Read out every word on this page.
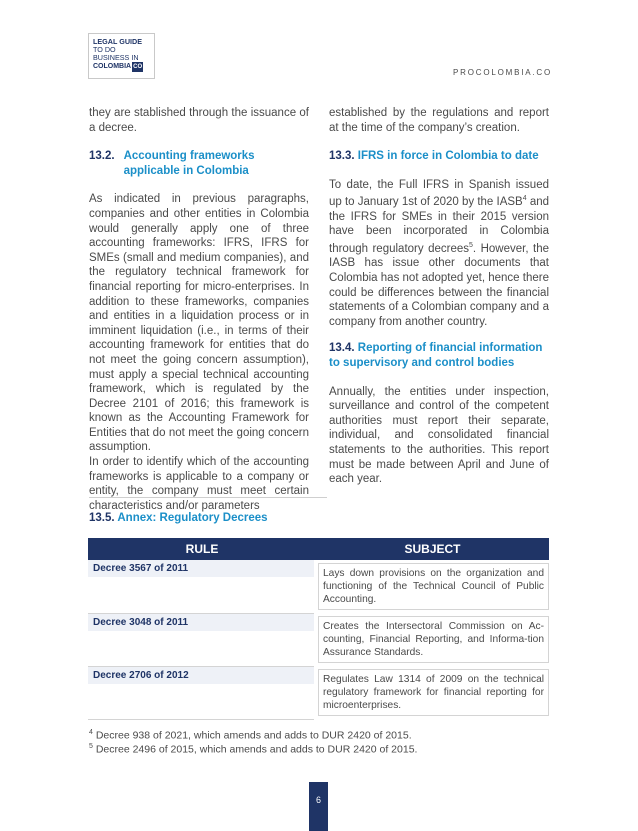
LEGAL GUIDE
TO DO
BUSINESS IN
COLOMBIA CO
PROCOLOMBIA.CO

they are stablished through the issuance of a decree.

13.2. Accounting frameworks applicable in Colombia

As indicated in previous paragraphs, companies and other entities in Colombia would generally apply one of three accounting frameworks: IFRS, IFRS for SMEs (small and medium companies), and the regulatory technical framework for financial reporting for micro-enterprises. In addition to these frameworks, companies and entities in a liquidation process or in imminent liquidation (i.e., in terms of their accounting framework for entities that do not meet the going concern assumption), must apply a special technical accounting framework, which is regulated by the Decree 2101 of 2016; this framework is known as the Accounting Framework for Entities that do not meet the going concern assumption.

In order to identify which of the accounting frameworks is applicable to a company or entity, the company must meet certain characteristics and/or parameters

established by the regulations and report at the time of the company’s creation.

13.3. IFRS in force in Colombia to date

To date, the Full IFRS in Spanish issued up to January 1st of 2020 by the IASB$^4$ and the IFRS for SMEs in their 2015 version have been incorporated in Colombia through regulatory decrees$^5$. However, the IASB has issue other documents that Colombia has not adopted yet, hence there could be differences between the financial statements of a Colombian company and a company from another country.

13.4. Reporting of financial information to supervisory and control bodies

Annually, the entities under inspection, surveillance and control of the competent authorities must report their separate, individual, and consolidated financial statements to the authorities. This report must be made between April and June of each year.

13.5. Annex: Regulatory Decrees
RULE	SUBJECT

Decree 3567 of 2011	Lays down provisions on the organization and functioning of the Technical Council of Public Accounting.

Decree 3048 of 2011	Creates the Intersectoral Commission on Ac-counting, Financial Reporting, and Informa-tion Assurance Standards.

Decree 2706 of 2012	Regulates Law 1314 of 2009 on the technical regulatory framework for financial reporting for microenterprises.
$^4$ Decree 938 of 2021, which amends and adds to DUR 2420 of 2015.
$^5$ Decree 2496 of 2015, which amends and adds to DUR 2420 of 2015.
6
